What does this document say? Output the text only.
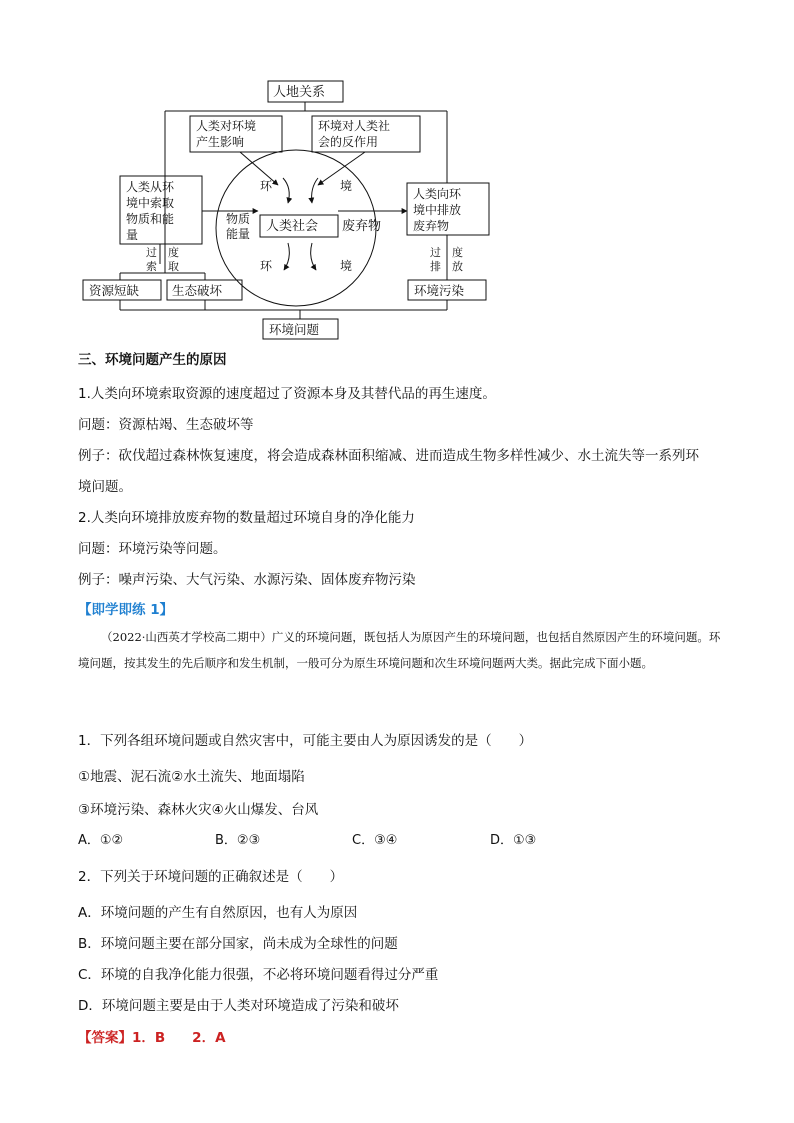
人地关系
人类对环境
产生影响
环境对人类社
会的反作用
人类从环
境中索取
物质和能
量
人类向环
境中排放
废弃物
环	境
环	境
物质
能量 人类社会 废弃物
过
索
度
取
过
排
度
放
资源短缺	生态破坏	环境污染
环境问题
三、环境问题产生的原因
1.人类向环境索取资源的速度超过了资源本身及其替代品的再生速度。
问题：资源枯竭、生态破坏等
例子：砍伐超过森林恢复速度，将会造成森林面积缩减、进而造成生物多样性减少、水土流失等一系列环
境问题。
2.人类向环境排放废弃物的数量超过环境自身的净化能力
问题：环境污染等问题。
例子：噪声污染、大气污染、水源污染、固体废弃物污染
【即学即练 1】
（2022·山西英才学校高二期中）广义的环境问题，既包括人为原因产生的环境问题，也包括自然原因产生的环境问题。环境问题，按其发生的先后顺序和发生机制，一般可分为原生环境问题和次生环境问题两大类。据此完成下面小题。
1．下列各组环境问题或自然灾害中，可能主要由人为原因诱发的是（　　）
①地震、泥石流②水土流失、地面塌陷
③环境污染、森林火灾④火山爆发、台风
A．①②	B．②③	C．③④	D．①③
2．下列关于环境问题的正确叙述是（　　）
A．环境问题的产生有自然原因，也有人为原因
B．环境问题主要在部分国家，尚未成为全球性的问题
C．环境的自我净化能力很强，不必将环境问题看得过分严重
D．环境问题主要是由于人类对环境造成了污染和破坏
【答案】1．B　　2．A
